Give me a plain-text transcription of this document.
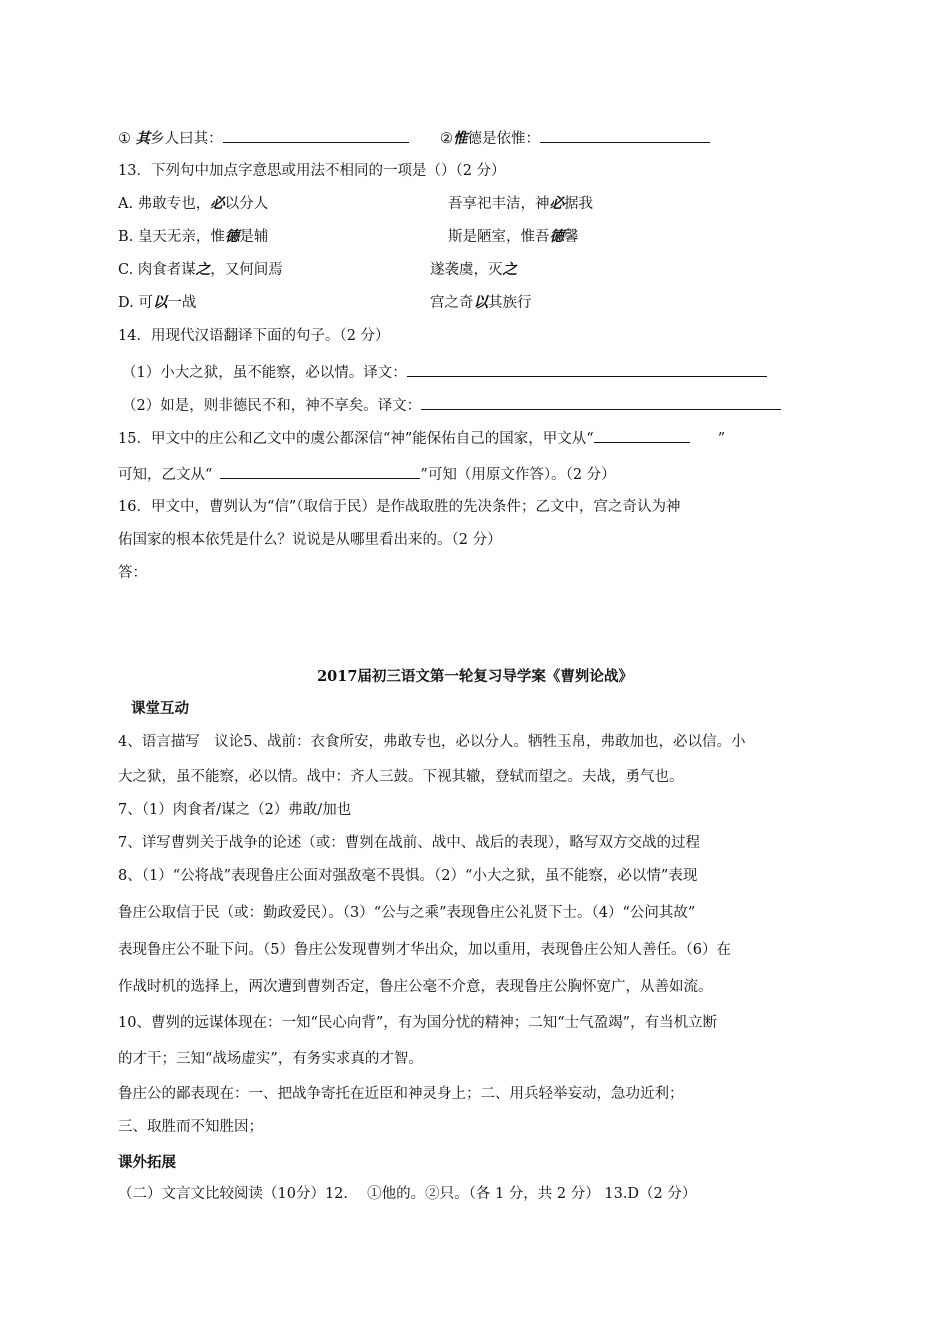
① 其乡人曰其：	②惟德是依惟：
13．下列句中加点字意思或用法不相同的一项是（）（2 分）
A. 弗敢专也，必以分人	吾享祀丰洁，神必据我
B. 皇天无亲，惟德是辅	斯是陋室，惟吾德馨
C. 肉食者谋之，又何间焉	遂袭虞，灭之
D. 可以一战	宫之奇以其族行
14．用现代汉语翻译下面的句子。（2 分）
（1）小大之狱，虽不能察，必以情。译文：
（2）如是，则非德民不和，神不享矣。译文：
15．甲文中的庄公和乙文中的虞公都深信“神”能保佑自己的国家，甲文从“	”
可知，乙文从“	”可知（用原文作答）。（2 分）
16．甲文中，曹刿认为“信”（取信于民）是作战取胜的先决条件；乙文中，宫之奇认为神
佑国家的根本依凭是什么？说说是从哪里看出来的。（2 分）
答：
2017届初三语文第一轮复习导学案《曹刿论战》
课堂互动
4、语言描写　议论5、战前：衣食所安，弗敢专也，必以分人。牺牲玉帛，弗敢加也，必以信。小
大之狱，虽不能察，必以情。战中：齐人三鼓。下视其辙，登轼而望之。夫战，勇气也。
7、（1）肉食者/谋之（2）弗敢/加也
7、详写曹刿关于战争的论述（或：曹刿在战前、战中、战后的表现），略写双方交战的过程
8、（1）“公将战”表现鲁庄公面对强敌毫不畏惧。（2）“小大之狱，虽不能察，必以情”表现
鲁庄公取信于民（或：勤政爱民）。（3）“公与之乘”表现鲁庄公礼贤下士。（4）“公问其故”
表现鲁庄公不耻下问。（5）鲁庄公发现曹刿才华出众，加以重用，表现鲁庄公知人善任。（6）在
作战时机的选择上，两次遭到曹刿否定，鲁庄公毫不介意，表现鲁庄公胸怀宽广，从善如流。
10、曹刿的远谋体现在：一知“民心向背”，有为国分忧的精神；二知“士气盈竭”，有当机立断
的才干；三知“战场虚实”，有务实求真的才智。
鲁庄公的鄙表现在：一、把战争寄托在近臣和神灵身上；二、用兵轻举妄动，急功近利；
三、取胜而不知胜因；
课外拓展
（二）文言文比较阅读（10分）12.　 ①他的。②只。（各 1 分，共 2 分） 13.D（2 分）
